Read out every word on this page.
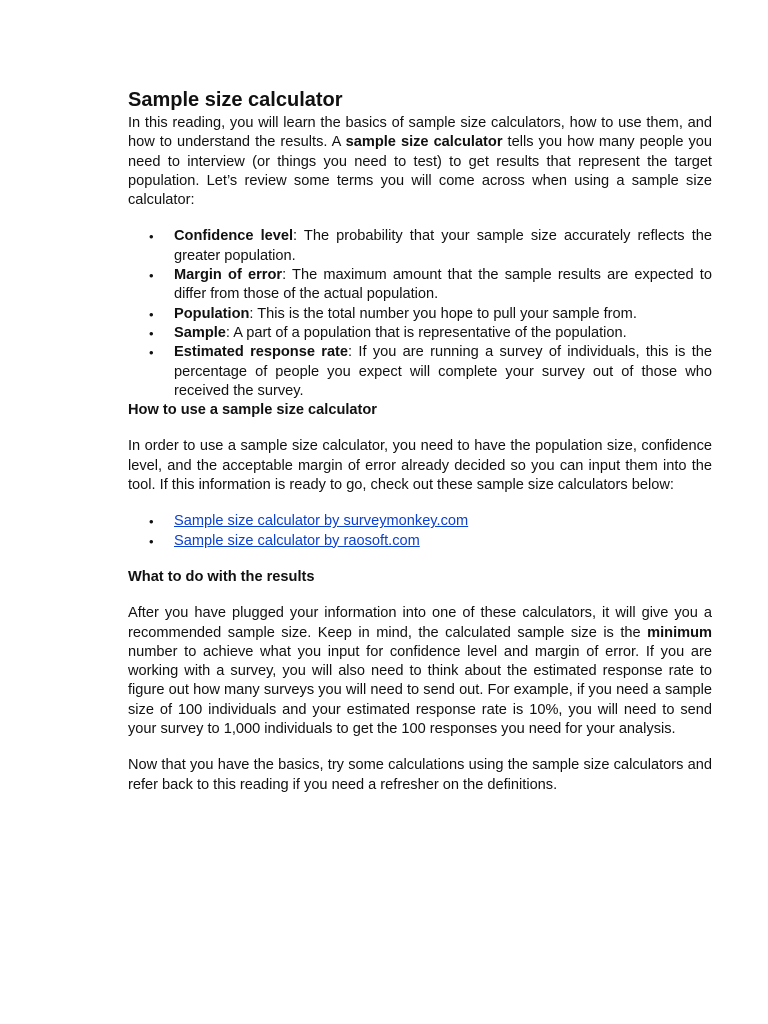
Sample size calculator

In this reading, you will learn the basics of sample size calculators, how to use them, and how to understand the results. A sample size calculator tells you how many people you need to interview (or things you need to test) to get results that represent the target population. Let’s review some terms you will come across when using a sample size calculator:

• Confidence level: The probability that your sample size accurately reflects the greater population.
• Margin of error: The maximum amount that the sample results are expected to differ from those of the actual population.
• Population: This is the total number you hope to pull your sample from.
• Sample: A part of a population that is representative of the population.
• Estimated response rate: If you are running a survey of individuals, this is the percentage of people you expect will complete your survey out of those who received the survey.
How to use a sample size calculator

In order to use a sample size calculator, you need to have the population size, confidence level, and the acceptable margin of error already decided so you can input them into the tool. If this information is ready to go, check out these sample size calculators below:

• Sample size calculator by surveymonkey.com
• Sample size calculator by raosoft.com
What to do with the results

After you have plugged your information into one of these calculators, it will give you a recommended sample size. Keep in mind, the calculated sample size is the minimum number to achieve what you input for confidence level and margin of error. If you are working with a survey, you will also need to think about the estimated response rate to figure out how many surveys you will need to send out. For example, if you need a sample size of 100 individuals and your estimated response rate is 10%, you will need to send your survey to 1,000 individuals to get the 100 responses you need for your analysis.

Now that you have the basics, try some calculations using the sample size calculators and refer back to this reading if you need a refresher on the definitions.
